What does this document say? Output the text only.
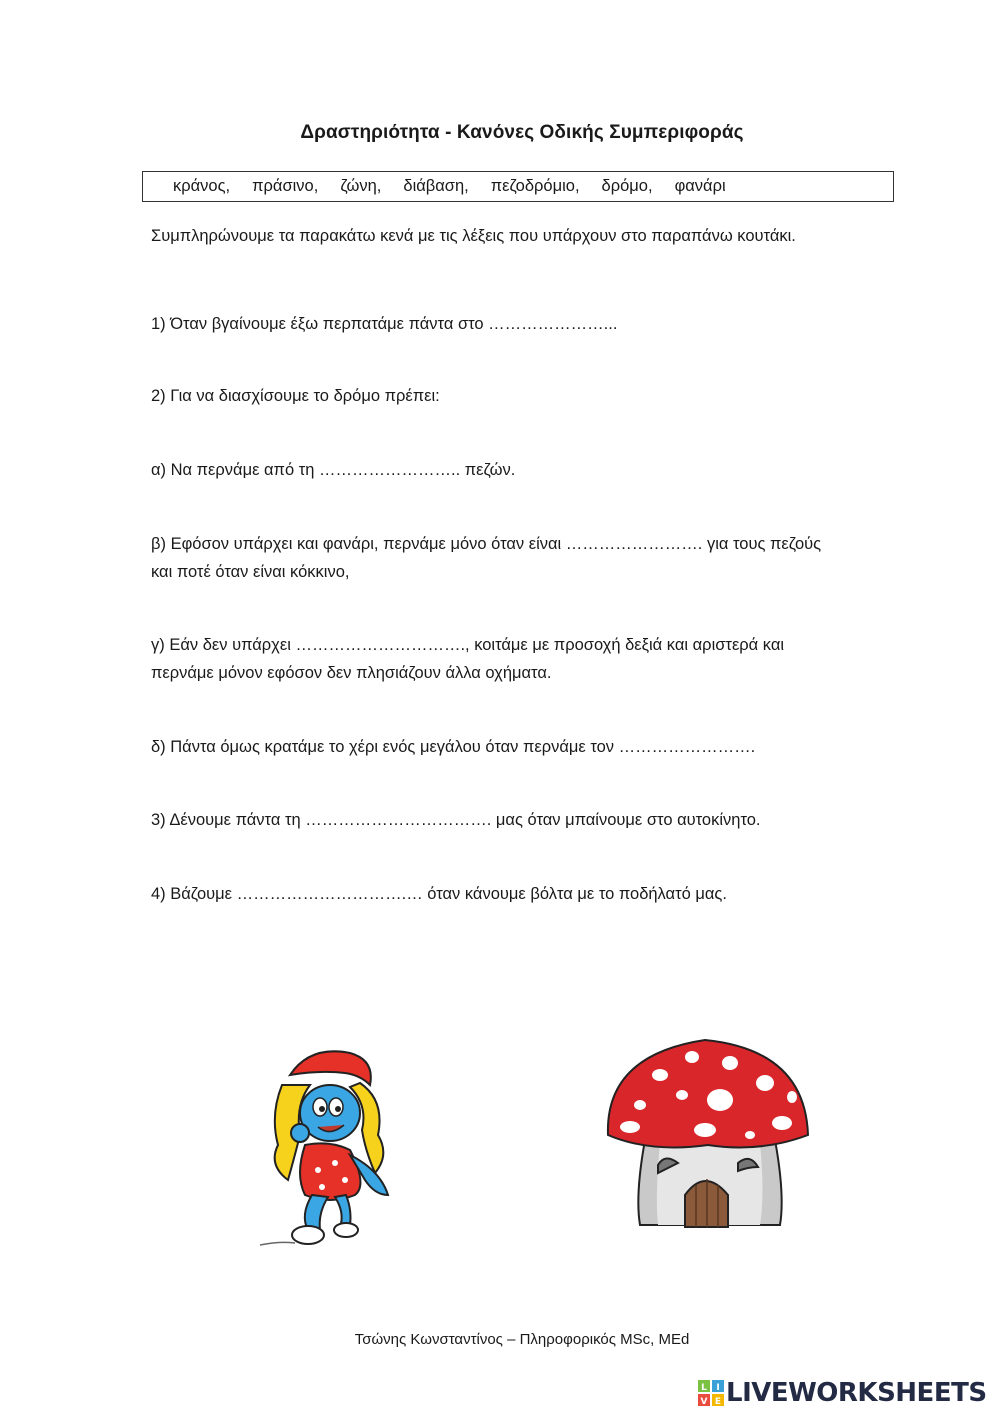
Δραστηριότητα - Κανόνες Οδικής Συμπεριφοράς
κράνος, πράσινο, ζώνη, διάβαση, πεζοδρόμιο, δρόμο, φανάρι
Συμπληρώνουμε τα παρακάτω κενά με τις λέξεις που υπάρχουν στο παραπάνω κουτάκι.
1) Όταν βγαίνουμε έξω περπατάμε πάντα στο …………………...
2) Για να διασχίσουμε το δρόμο πρέπει:
α) Να περνάμε από τη …………………….. πεζών.
β) Εφόσον υπάρχει και φανάρι, περνάμε μόνο όταν είναι ……………………. για τους πεζούς
και ποτέ όταν είναι κόκκινο,
γ) Εάν δεν υπάρχει …………………………., κοιτάμε με προσοχή δεξιά και αριστερά και
περνάμε μόνον εφόσον δεν πλησιάζουν άλλα οχήματα.
δ) Πάντα όμως κρατάμε το χέρι ενός μεγάλου όταν περνάμε τον …………………….
3) Δένουμε πάντα τη ……………………………. μας όταν μπαίνουμε στο αυτοκίνητο.
4) Βάζουμε ………………………….… όταν κάνουμε βόλτα με το ποδήλατό μας.
Τσώνης Κωνσταντίνος – Πληροφορικός MSc, MEd
L I
V E LIVEWORKSHEETS
